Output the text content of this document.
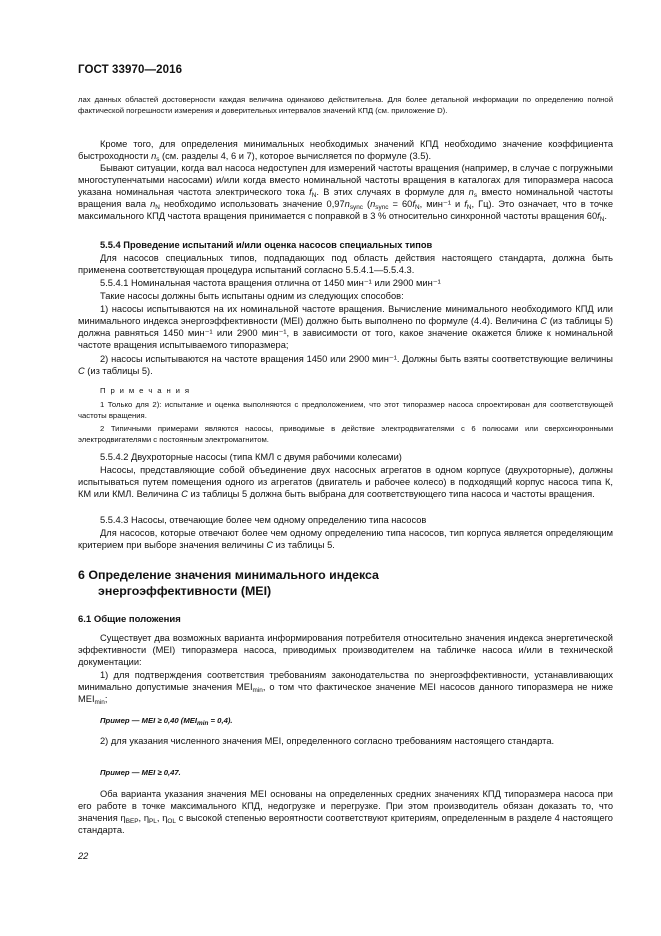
ГОСТ 33970—2016

лах данных областей достоверности каждая величина одинаково действительна. Для более детальной информации по определению полной фактической погрешности измерения и доверительных интервалов значений КПД (см. приложение D).

Кроме того, для определения минимальных необходимых значений КПД необходимо значение коэффициента быстроходности $n_s$ (см. разделы 4, 6 и 7), которое вычисляется по формуле (3.5).

Бывают ситуации, когда вал насоса недоступен для измерений частоты вращения (например, в случае с погружными многоступенчатыми насосами) и/или когда вместо номинальной частоты вращения в каталогах для типоразмера насоса указана номинальная частота электрического тока $f_N$. В этих случаях в формуле для $n_s$ вместо номинальной частоты вращения вала $n_N$ необходимо использовать значение $0,97n_{sync}$ ($n_{sync} = 60f_N$, мин⁻¹ и $f_N$, Гц). Это означает, что в точке максимального КПД частота вращения принимается с поправкой в 3 % относительно синхронной частоты вращения $60f_N$.

5.5.4 Проведение испытаний и/или оценка насосов специальных типов

Для насосов специальных типов, подпадающих под область действия настоящего стандарта, должна быть применена соответствующая процедура испытаний согласно 5.5.4.1—5.5.4.3.

5.5.4.1 Номинальная частота вращения отлична от 1450 мин⁻¹ или 2900 мин⁻¹

Такие насосы должны быть испытаны одним из следующих способов:

1) насосы испытываются на их номинальной частоте вращения. Вычисление минимального необходимого КПД или минимального индекса энергоэффективности (MEI) должно быть выполнено по формуле (4.4). Величина C (из таблицы 5) должна равняться 1450 мин⁻¹ или 2900 мин⁻¹, в зависимости от того, какое значение окажется ближе к номинальной частоте вращения испытываемого типоразмера;

2) насосы испытываются на частоте вращения 1450 или 2900 мин⁻¹. Должны быть взяты соответствующие величины C (из таблицы 5).

П р и м е ч а н и я

1 Только для 2): испытание и оценка выполняются с предположением, что этот типоразмер насоса спроектирован для соответствующей частоты вращения.

2 Типичными примерами являются насосы, приводимые в действие электродвигателями с 6 полюсами или сверхсинхронными электродвигателями с постоянным электромагнитом.

5.5.4.2 Двухроторные насосы (типа КМЛ с двумя рабочими колесами)

Насосы, представляющие собой объединение двух насосных агрегатов в одном корпусе (двухроторные), должны испытываться путем помещения одного из агрегатов (двигатель и рабочее колесо) в подходящий корпус насоса типа К, КМ или КМЛ. Величина C из таблицы 5 должна быть выбрана для соответствующего типа насоса и частоты вращения.

5.5.4.3 Насосы, отвечающие более чем одному определению типа насосов

Для насосов, которые отвечают более чем одному определению типа насосов, тип корпуса является определяющим критерием при выборе значения величины C из таблицы 5.

6 Определение значения минимального индекса
энергоэффективности (MEI)

6.1 Общие положения

Существует два возможных варианта информирования потребителя относительно значения индекса энергетической эффективности (MEI) типоразмера насоса, приводимых производителем на табличке насоса и/или в технической документации:

1) для подтверждения соответствия требованиям законодательства по энергоэффективности, устанавливающих минимально допустимые значения $MEI_{min}$, о том что фактическое значение MEI насосов данного типоразмера не ниже $MEI_{min}$;

Пример — MEI ≥ 0,40 $(MEI_{min} = 0,4)$.

2) для указания численного значения MEI, определенного согласно требованиям настоящего стандарта.

Пример — MEI ≥ 0,47.

Оба варианта указания значения MEI основаны на определенных средних значениях КПД типоразмера насоса при его работе в точке максимального КПД, недогрузке и перегрузке. При этом производитель обязан доказать то, что значения $\eta_{BEP}$, $\eta_{PL}$, $\eta_{OL}$ с высокой степенью вероятности соответствуют критериям, определенным в разделе 4 настоящего стандарта.

22
